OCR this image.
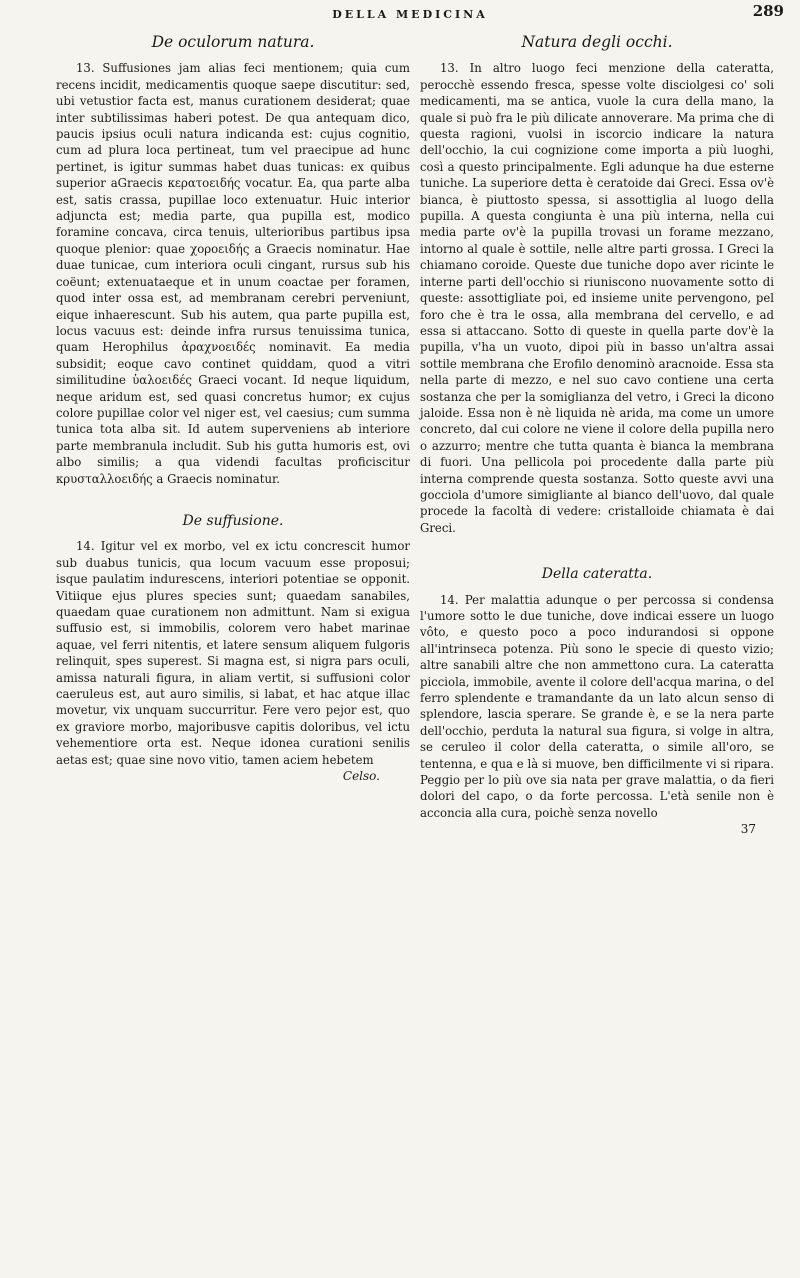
DELLA MEDICINA	289
De oculorum natura.

13. Suffusiones jam alias feci mentionem; quia cum recens incidit, medicamentis quoque saepe discutitur: sed, ubi vetustior facta est, manus curationem desiderat; quae inter subtilissimas haberi potest. De qua antequam dico, paucis ipsius oculi natura indicanda est: cujus cognitio, cum ad plura loca pertineat, tum vel praecipue ad hunc pertinet, is igitur summas habet duas tunicas: ex quibus superior aGraecis κερατοειδής vocatur. Ea, qua parte alba est, satis crassa, pupillae loco extenuatur. Huic interior adjuncta est; media parte, qua pupilla est, modico foramine concava, circa tenuis, ulterioribus partibus ipsa quoque plenior: quae χοροειδής a Graecis nominatur. Hae duae tunicae, cum interiora oculi cingant, rursus sub his coëunt; extenuataeque et in unum coactae per foramen, quod inter ossa est, ad membranam cerebri perveniunt, eique inhaerescunt. Sub his autem, qua parte pupilla est, locus vacuus est: deinde infra rursus tenuissima tunica, quam Herophilus ἀραχνοειδές nominavit. Ea media subsidit; eoque cavo continet quiddam, quod a vitri similitudine ὑαλοειδές Graeci vocant. Id neque liquidum, neque aridum est, sed quasi concretus humor; ex cujus colore pupillae color vel niger est, vel caesius; cum summa tunica tota alba sit. Id autem superveniens ab interiore parte membranula includit. Sub his gutta humoris est, ovi albo similis; a qua videndi facultas proficiscitur κρυσταλλοειδής a Graecis nominatur.

De suffusione.

14. Igitur vel ex morbo, vel ex ictu concrescit humor sub duabus tunicis, qua locum vacuum esse proposui; isque paulatim indurescens, interiori potentiae se opponit. Vitiique ejus plures species sunt; quaedam sanabiles, quaedam quae curationem non admittunt. Nam si exigua suffusio est, si immobilis, colorem vero habet marinae aquae, vel ferri nitentis, et latere sensum aliquem fulgoris relinquit, spes superest. Si magna est, si nigra pars oculi, amissa naturali figura, in aliam vertit, si suffusioni color caeruleus est, aut auro similis, si labat, et hac atque illac movetur, vix unquam succurritur. Fere vero pejor est, quo ex graviore morbo, majoribusve capitis doloribus, vel ictu vehementiore orta est. Neque idonea curationi senilis aetas est; quae sine novo vitio, tamen aciem hebetem

Celso.
Natura degli occhi.

13. In altro luogo feci menzione della cateratta, perocchè essendo fresca, spesse volte disciolgesi co' soli medicamenti, ma se antica, vuole la cura della mano, la quale si può fra le più dilicate annoverare. Ma prima che di questa ragioni, vuolsi in iscorcio indicare la natura dell'occhio, la cui cognizione come importa a più luoghi, così a questo principalmente. Egli adunque ha due esterne tuniche. La superiore detta è ceratoide dai Greci. Essa ov'è bianca, è piuttosto spessa, si assottiglia al luogo della pupilla. A questa congiunta è una più interna, nella cui media parte ov'è la pupilla trovasi un forame mezzano, intorno al quale è sottile, nelle altre parti grossa. I Greci la chiamano coroide. Queste due tuniche dopo aver ricinte le interne parti dell'occhio si riuniscono nuovamente sotto di queste: assottigliate poi, ed insieme unite pervengono, pel foro che è tra le ossa, alla membrana del cervello, e ad essa si attaccano. Sotto di queste in quella parte dov'è la pupilla, v'ha un vuoto, dipoi più in basso un'altra assai sottile membrana che Erofilo denominò aracnoide. Essa sta nella parte di mezzo, e nel suo cavo contiene una certa sostanza che per la somiglianza del vetro, i Greci la dicono jaloide. Essa non è nè liquida nè arida, ma come un umore concreto, dal cui colore ne viene il colore della pupilla nero o azzurro; mentre che tutta quanta è bianca la membrana di fuori. Una pellicola poi procedente dalla parte più interna comprende questa sostanza. Sotto queste avvi una gocciola d'umore simigliante al bianco dell'uovo, dal quale procede la facoltà di vedere: cristalloide chiamata è dai Greci.

Della cateratta.

14. Per malattia adunque o per percossa si condensa l'umore sotto le due tuniche, dove indicai essere un luogo vôto, e questo poco a poco indurandosi si oppone all'intrinseca potenza. Più sono le specie di questo vizio; altre sanabili altre che non ammettono cura. La cateratta picciola, immobile, avente il colore dell'acqua marina, o del ferro splendente e tramandante da un lato alcun senso di splendore, lascia sperare. Se grande è, e se la nera parte dell'occhio, perduta la natural sua figura, si volge in altra, se ceruleo il color della cateratta, o simile all'oro, se tentenna, e qua e là si muove, ben difficilmente vi si ripara. Peggio per lo più ove sia nata per grave malattia, o da fieri dolori del capo, o da forte percossa. L'età senile non è acconcia alla cura, poichè senza novello

37
